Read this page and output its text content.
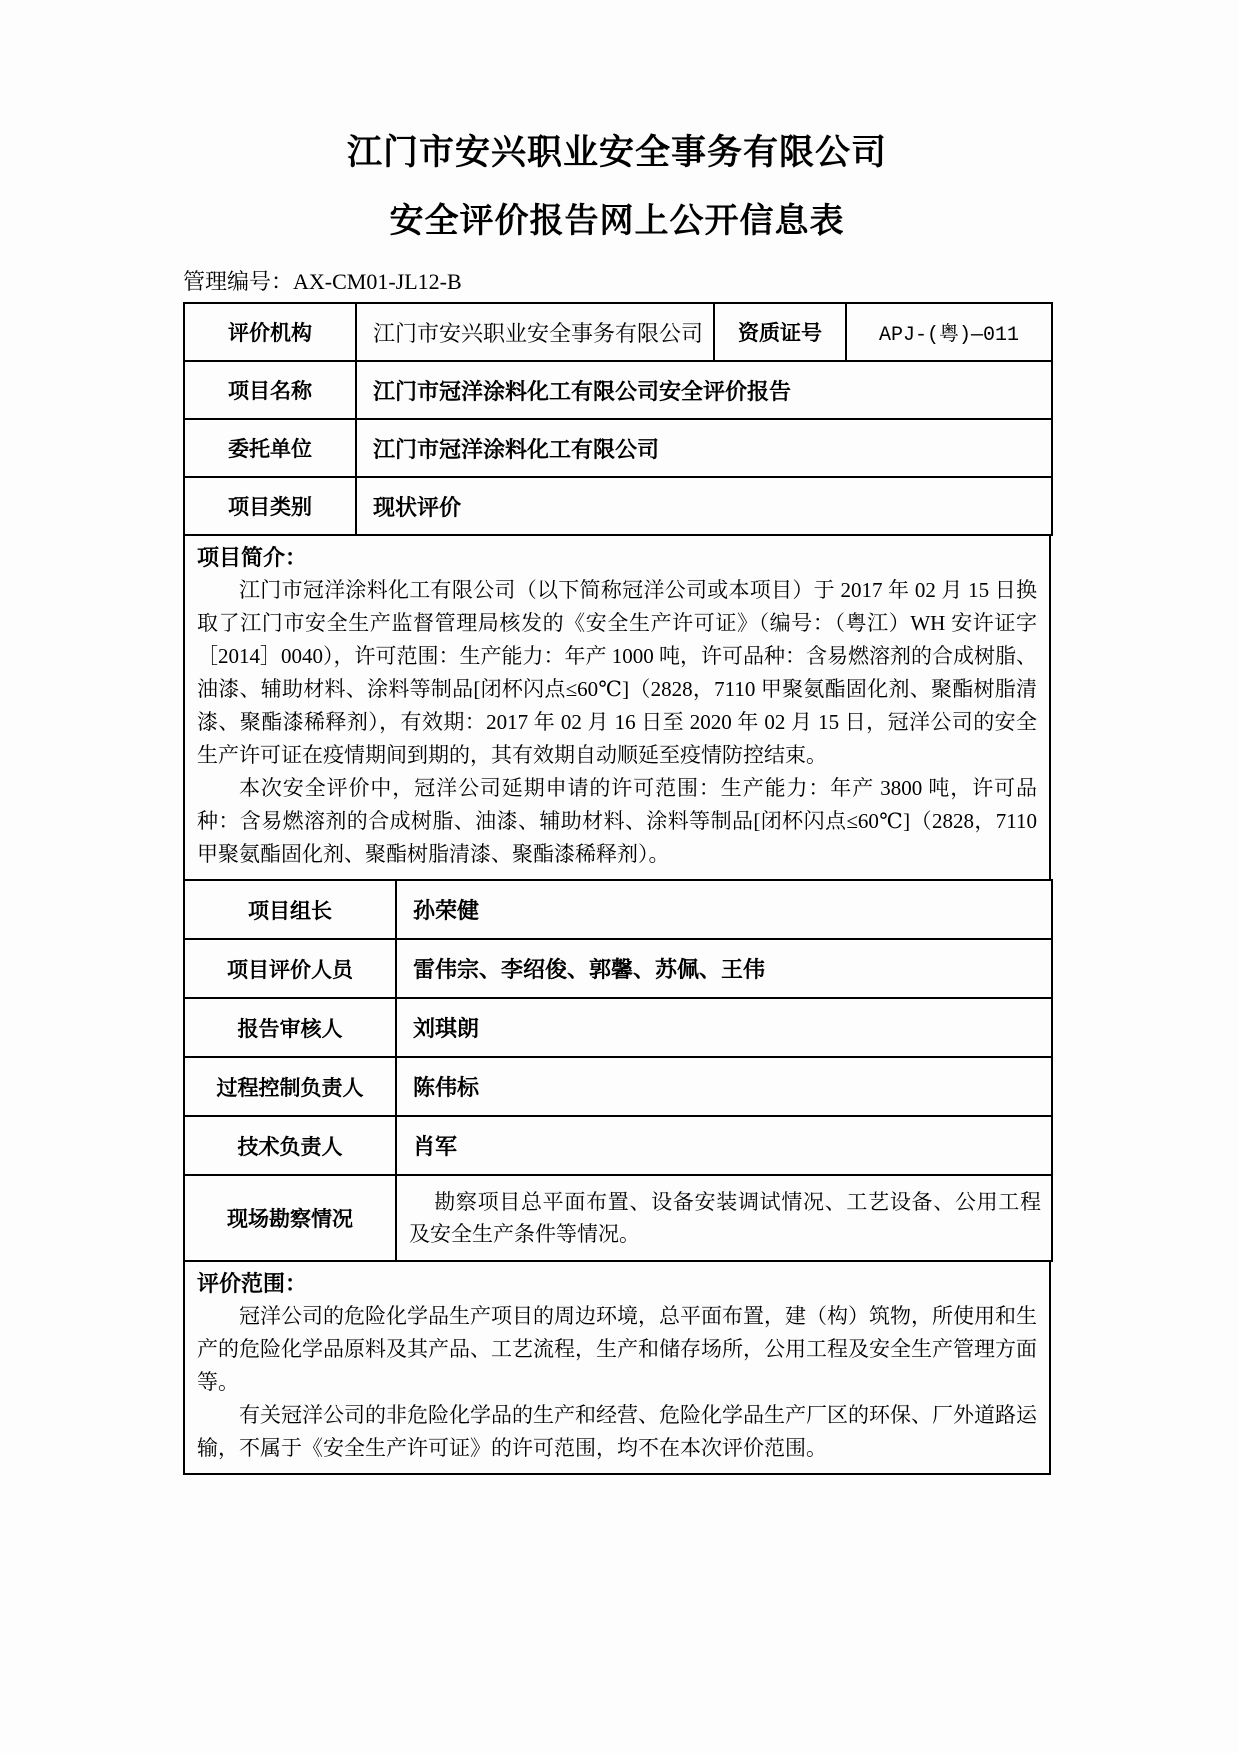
江门市安兴职业安全事务有限公司
安全评价报告网上公开信息表
管理编号：AX-CM01-JL12-B
评价机构	江门市安兴职业安全事务有限公司	资质证号	APJ-(粤)—011
项目名称	江门市冠洋涂料化工有限公司安全评价报告		
委托单位	江门市冠洋涂料化工有限公司		
项目类别	现状评价		
项目简介：

江门市冠洋涂料化工有限公司（以下简称冠洋公司或本项目）于 2017 年 02 月 15 日换取了江门市安全生产监督管理局核发的《安全生产许可证》（编号：（粤江）WH 安许证字［2014］0040），许可范围：生产能力：年产 1000 吨，许可品种：含易燃溶剂的合成树脂、油漆、辅助材料、涂料等制品[闭杯闪点≤60℃]（2828，7110 甲聚氨酯固化剂、聚酯树脂清漆、聚酯漆稀释剂），有效期：2017 年 02 月 16 日至 2020 年 02 月 15 日，冠洋公司的安全生产许可证在疫情期间到期的，其有效期自动顺延至疫情防控结束。

本次安全评价中，冠洋公司延期申请的许可范围：生产能力：年产 3800 吨，许可品种：含易燃溶剂的合成树脂、油漆、辅助材料、涂料等制品[闭杯闪点≤60℃]（2828，7110 甲聚氨酯固化剂、聚酯树脂清漆、聚酯漆稀释剂）。

项目组长	孙荣健
项目评价人员	雷伟宗、李绍俊、郭馨、苏佩、王伟
报告审核人	刘琪朗
过程控制负责人	陈伟标
技术负责人	肖军
现场勘察情况	勘察项目总平面布置、设备安装调试情况、工艺设备、公用工程及安全生产条件等情况。
评价范围：

冠洋公司的危险化学品生产项目的周边环境，总平面布置，建（构）筑物，所使用和生产的危险化学品原料及其产品、工艺流程，生产和储存场所，公用工程及安全生产管理方面等。

有关冠洋公司的非危险化学品的生产和经营、危险化学品生产厂区的环保、厂外道路运输，不属于《安全生产许可证》的许可范围，均不在本次评价范围。
